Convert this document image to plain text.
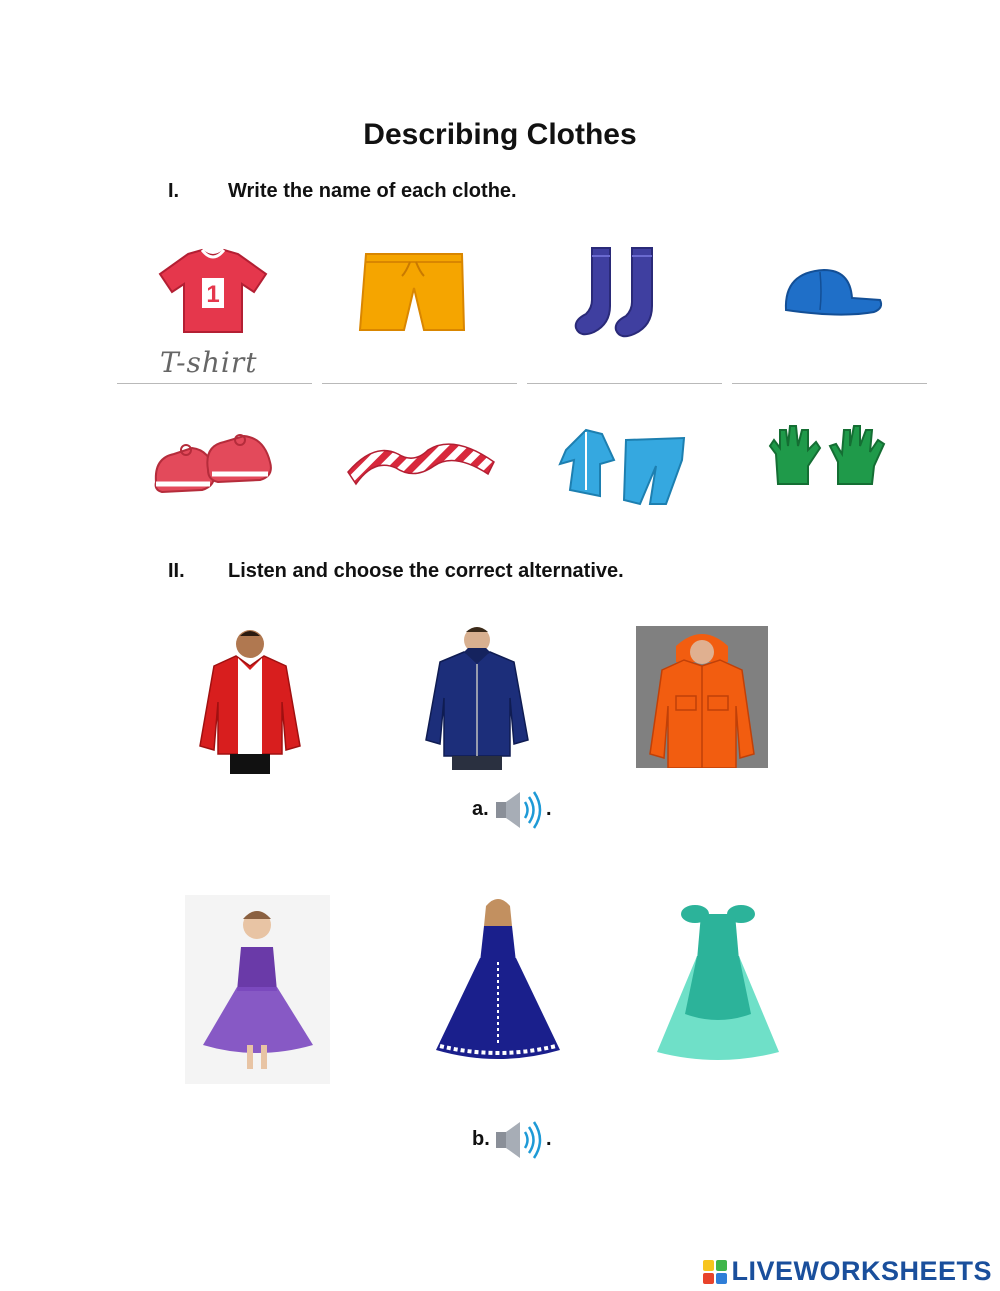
Describing Clothes
I. Write the name of each clothe.
1
T-shirt
II. Listen and choose the correct alternative.
a.	.
b.	.
LIVEWORKSHEETS
